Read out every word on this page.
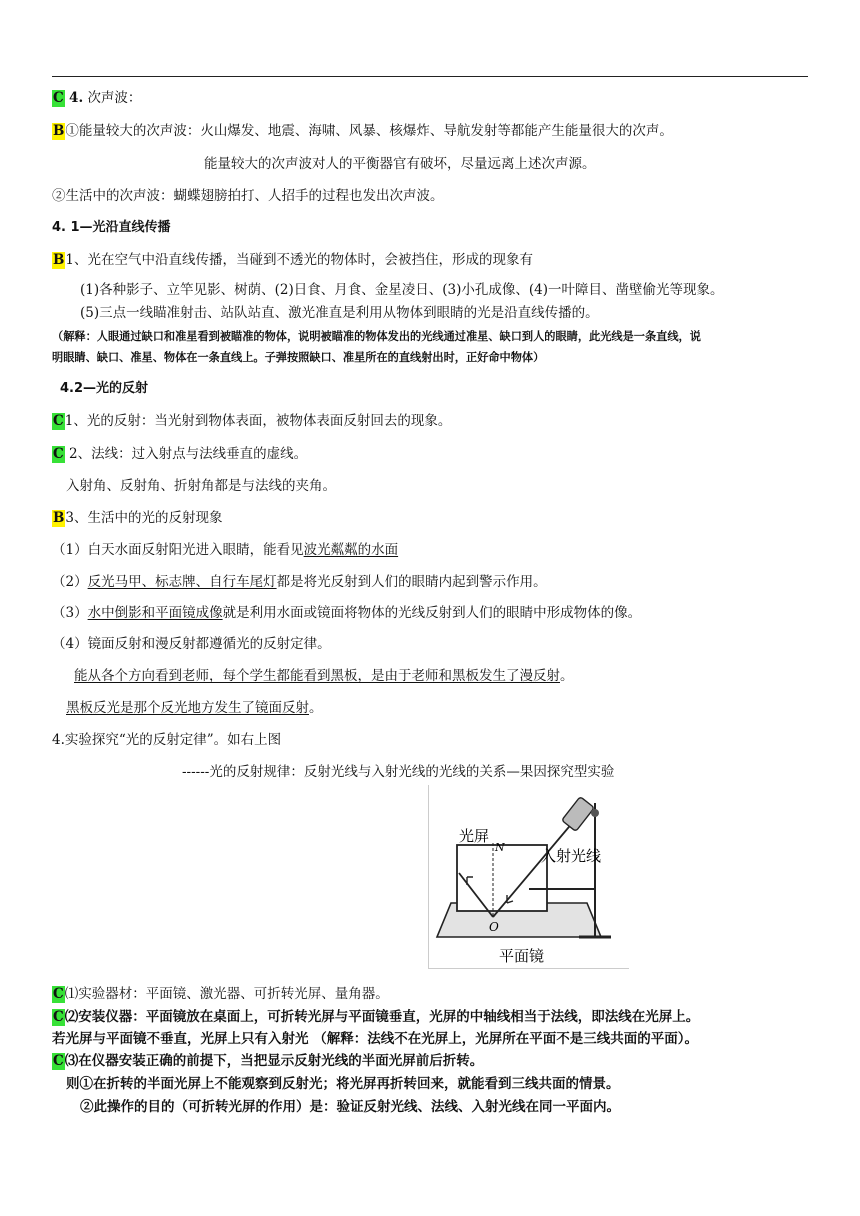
C 4. 次声波：
B①能量较大的次声波：火山爆发、地震、海啸、风暴、核爆炸、导航发射等都能产生能量很大的次声。
能量较大的次声波对人的平衡器官有破坏，尽量远离上述次声源。
②生活中的次声波：蝴蝶翅膀拍打、人招手的过程也发出次声波。
4. 1—光沿直线传播
B1、光在空气中沿直线传播，当碰到不透光的物体时，会被挡住，形成的现象有
(1)各种影子、立竿见影、树荫、(2)日食、月食、金星凌日、(3)小孔成像、(4)一叶障目、凿壁偷光等现象。
(5)三点一线瞄准射击、站队站直、激光准直是利用从物体到眼睛的光是沿直线传播的。
（解释：人眼通过缺口和准星看到被瞄准的物体，说明被瞄准的物体发出的光线通过准星、缺口到人的眼睛，此光线是一条直线，说
明眼睛、缺口、准星、物体在一条直线上。子弹按照缺口、准星所在的直线射出时，正好命中物体）
4.2—光的反射
C1、光的反射：当光射到物体表面，被物体表面反射回去的现象。
C 2、法线：过入射点与法线垂直的虚线。
入射角、反射角、折射角都是与法线的夹角。
B3、生活中的光的反射现象
（1）白天水面反射阳光进入眼睛，能看见波光粼粼的水面
（2）反光马甲、标志牌、自行车尾灯都是将光反射到人们的眼睛内起到警示作用。
（3）水中倒影和平面镜成像就是利用水面或镜面将物体的光线反射到人们的眼睛中形成物体的像。
（4）镜面反射和漫反射都遵循光的反射定律。
能从各个方向看到老师，每个学生都能看到黑板，是由于老师和黑板发生了漫反射。
黑板反光是那个反光地方发生了镜面反射。
4.实验探究“光的反射定律”。如右上图
------光的反射规律：反射光线与入射光线的光线的关系—果因探究型实验
光屏
N
O
入射光线
平面镜
C⑴实验器材：平面镜、激光器、可折转光屏、量角器。
C⑵安装仪器：平面镜放在桌面上，可折转光屏与平面镜垂直，光屏的中轴线相当于法线，即法线在光屏上。
若光屏与平面镜不垂直，光屏上只有入射光 （解释：法线不在光屏上，光屏所在平面不是三线共面的平面）。
C⑶在仪器安装正确的前提下，当把显示反射光线的半面光屏前后折转。
则①在折转的半面光屏上不能观察到反射光；将光屏再折转回来，就能看到三线共面的情景。
②此操作的目的（可折转光屏的作用）是：验证反射光线、法线、入射光线在同一平面内。
